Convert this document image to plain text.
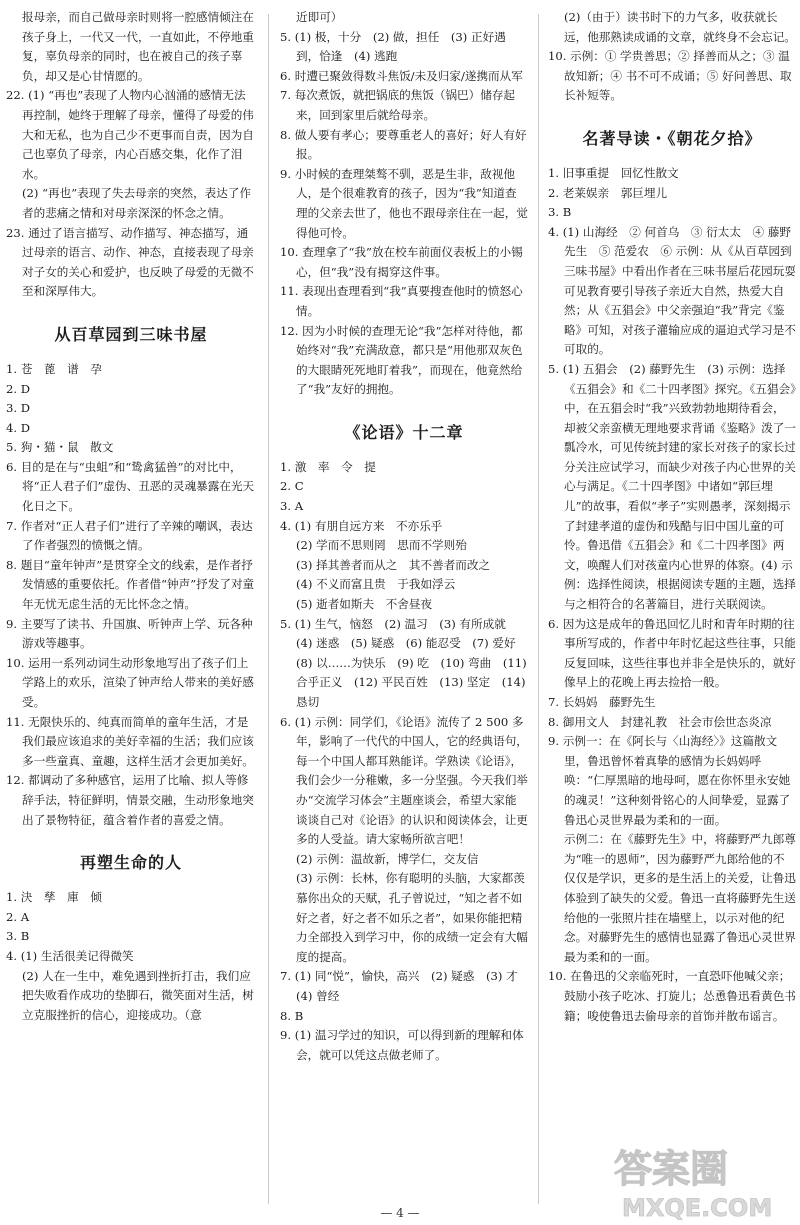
报母亲，而自己做母亲时则将一腔感情倾注在孩子身上，一代又一代，一直如此，不停地重复，辜负母亲的同时，也在被自己的孩子辜负，却又是心甘情愿的。
22. (1) “再也”表现了人物内心汹涌的感情无法再控制，她终于理解了母亲，懂得了母爱的伟大和无私，也为自己少不更事而自责，因为自己也辜负了母亲，内心百感交集，化作了泪水。
(2) “再也”表现了失去母亲的突然，表达了作者的悲痛之情和对母亲深深的怀念之情。
23. 通过了语言描写、动作描写、神态描写，通过母亲的语言、动作、神态，直接表现了母亲对子女的关心和爱护，也反映了母爱的无微不至和深厚伟大。
从百草园到三味书屋
1. 苍　蓖　谱　孕
2. D
3. D
4. D
5. 狗・猫・鼠　散文
6. 目的是在与“虫蛆”和“鸷禽猛兽”的对比中，将“正人君子们”虚伪、丑恶的灵魂暴露在光天化日之下。
7. 作者对“正人君子们”进行了辛辣的嘲讽，表达了作者强烈的愤慨之情。
8. 题目“童年钟声”是贯穿全文的线索，是作者抒发情感的重要依托。作者借“钟声”抒发了对童年无忧无虑生活的无比怀念之情。
9. 主要写了读书、升国旗、听钟声上学、玩各种游戏等趣事。
10. 运用一系列动词生动形象地写出了孩子们上学路上的欢乐，渲染了钟声给人带来的美好感受。
11. 无限快乐的、纯真而简单的童年生活，才是我们最应该追求的美好幸福的生活；我们应该多一些童真、童趣，这样生活才会更加美好。
12. 都调动了多种感官，运用了比喻、拟人等修辞手法，特征鲜明，情景交融，生动形象地突出了景物特征，蕴含着作者的喜爱之情。
再塑生命的人
1. 決　孳　庫　倾
2. A
3. B
4. (1) 生活很美记得微笑
(2) 人在一生中，难免遇到挫折打击，我们应把失败看作成功的垫脚石，微笑面对生活，树立克服挫折的信心，迎接成功。（意
近即可）
5. (1) 极，十分　(2) 做，担任　(3) 正好遇到，恰逢　(4) 逃跑
6. 时遭已聚敛得数斗焦饭/未及归家/遂携而从军
7. 每次煮饭，就把锅底的焦饭（锅巴）储存起来，回到家里后就给母亲。
8. 做人要有孝心；要尊重老人的喜好；好人有好报。
9. 小时候的查理桀骜不驯，恶是生非，敌视他人，是个很难教育的孩子，因为“我”知道查理的父亲去世了，他也不跟母亲住在一起，觉得他可怜。
10. 查理拿了“我”放在校车前面仪表板上的小锡心，但“我”没有揭穿这件事。
11. 表现出查理看到“我”真要搜查他时的愤怒心情。
12. 因为小时候的查理无论“我”怎样对待他，都始终对“我”充满敌意，都只是“用他那双灰色的大眼睛死死地盯着我”，而现在，他竟然给了“我”友好的拥抱。
《论语》十二章
1. 激　率　令　提
2. C
3. A
4. (1) 有朋自远方来　不亦乐乎
(2) 学而不思则罔　思而不学则殆
(3) 择其善者而从之　其不善者而改之
(4) 不义而富且贵　于我如浮云
(5) 逝者如斯夫　不舍昼夜
5. (1) 生气，恼怒　(2) 温习　(3) 有所成就　(4) 迷惑　(5) 疑惑　(6) 能忍受　(7) 爱好　(8) 以……为快乐　(9) 吃　(10) 弯曲　(11) 合乎正义　(12) 平民百姓　(13) 坚定　(14) 恳切
6. (1) 示例：同学们，《论语》流传了 2 500 多年，影响了一代代的中国人，它的经典语句，每一个中国人都耳熟能详。学熟读《论语》，我们会少一分稚嫩，多一分坚强。今天我们举办“交流学习体会”主题座谈会，希望大家能谈谈自己对《论语》的认识和阅读体会，让更多的人受益。请大家畅所欲言吧！
(2) 示例：温故新，博学仁，交友信
(3) 示例：长林，你有聪明的头脑，大家都羡慕你出众的天赋，孔子曾说过，“知之者不如好之者，好之者不如乐之者”，如果你能把精力全部投入到学习中，你的成绩一定会有大幅度的提高。
7. (1) 同“悦”，愉快，高兴　(2) 疑惑　(3) 才　(4) 曾经
8. B
9. (1) 温习学过的知识，可以得到新的理解和体会，就可以凭这点做老师了。
(2)（由于）读书时下的力气多，收获就长远，他那熟读成诵的文章，就终身不会忘记。
10. 示例：① 学贵善思；② 择善而从之；③ 温故知新；④ 书不可不成诵；⑤ 好问善思、取长补短等。
名著导读・《朝花夕拾》
1. 旧事重提　回忆性散文
2. 老莱娱亲　郭巨埋儿
3. B
4. (1) 山海经　② 何首乌　③ 衍太太　④ 藤野先生　⑤ 范爱农　⑥ 示例：从《从百草园到三味书屋》中看出作者在三味书屋后花园玩耍可见教育要引导孩子亲近大自然，热爱大自然；从《五猖会》中父亲强迫“我”背完《鉴略》可知，对孩子灌输应成的逼迫式学习是不可取的。
5. (1) 五猖会　(2) 藤野先生　(3) 示例：选择《五猖会》和《二十四孝图》探究。《五猖会》中，在五猖会时“我”兴致勃勃地期待看会，却被父亲蛮横无理地要求背诵《鉴略》泼了一瓢冷水，可见传统封建的家长对孩子的家长过分关注应试学习，而缺少对孩子内心世界的关心与满足。《二十四孝图》中诸如“郭巨埋儿”的故事，看似“孝子”实则愚孝，深刻揭示了封建孝道的虚伪和残酷与旧中国儿童的可怜。鲁迅借《五猖会》和《二十四孝图》两文，唤醒人们对孩童内心世界的体察。(4) 示例：选择性阅读，根据阅读专题的主题，选择与之相符合的名著篇目，进行关联阅读。
6. 因为这是成年的鲁迅回忆儿时和青年时期的往事所写成的，作者中年时忆起这些往事，只能反复回味，这些往事也并非全是快乐的，就好像早上的花晚上再去捡拾一般。
7. 长妈妈　藤野先生
8. 御用文人　封建礼教　社会市侩世态炎凉
9. 示例一：在《阿长与〈山海经〉》这篇散文里，鲁迅曾怀着真挚的感情为长妈妈呼唤：“仁厚黑暗的地母呵，愿在你怀里永安她的魂灵！”这种刻骨铭心的人间挚爱，显露了鲁迅心灵世界最为柔和的一面。
示例二：在《藤野先生》中，将藤野严九郎尊为“唯一的恩师”，因为藤野严九郎给他的不仅仅是学识，更多的是生活上的关爱，让鲁迅体验到了缺失的父爱。鲁迅一直将藤野先生送给他的一张照片挂在墙壁上，以示对他的纪念。对藤野先生的感情也显露了鲁迅心灵世界最为柔和的一面。
10. 在鲁迅的父亲临死时，一直恐吓他喊父亲；鼓励小孩子吃冰、打旋儿；怂恿鲁迅看黄色书籍；唆使鲁迅去偷母亲的首饰并散布谣言。
— 4 —
答案圈
MXQE.COM
